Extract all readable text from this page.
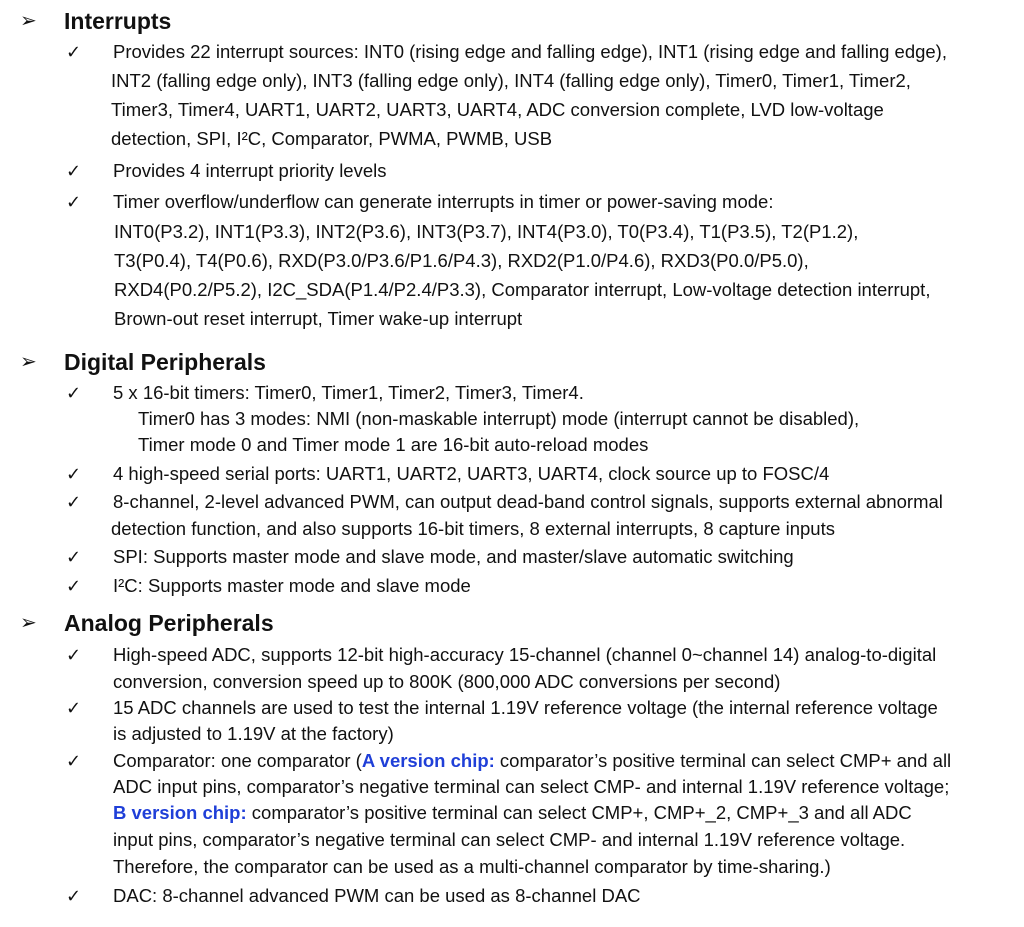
➢	Interrupts
✓ Provides 22 interrupt sources: INT0 (rising edge and falling edge), INT1 (rising edge and falling edge),
INT2 (falling edge only), INT3 (falling edge only), INT4 (falling edge only), Timer0, Timer1, Timer2,
Timer3, Timer4, UART1, UART2, UART3, UART4, ADC conversion complete, LVD low-voltage
detection, SPI, I²C, Comparator, PWMA, PWMB, USB
✓ Provides 4 interrupt priority levels
✓ Timer overflow/underflow can generate interrupts in timer or power-saving mode:
INT0(P3.2), INT1(P3.3), INT2(P3.6), INT3(P3.7), INT4(P3.0), T0(P3.4), T1(P3.5), T2(P1.2),
T3(P0.4), T4(P0.6), RXD(P3.0/P3.6/P1.6/P4.3), RXD2(P1.0/P4.6), RXD3(P0.0/P5.0),
RXD4(P0.2/P5.2), I2C_SDA(P1.4/P2.4/P3.3), Comparator interrupt, Low-voltage detection interrupt,
Brown-out reset interrupt, Timer wake-up interrupt
➢	Digital Peripherals
✓ 5 x 16-bit timers: Timer0, Timer1, Timer2, Timer3, Timer4.
Timer0 has 3 modes: NMI (non-maskable interrupt) mode (interrupt cannot be disabled),
Timer mode 0 and Timer mode 1 are 16-bit auto-reload modes
✓ 4 high-speed serial ports: UART1, UART2, UART3, UART4, clock source up to FOSC/4
✓ 8-channel, 2-level advanced PWM, can output dead-band control signals, supports external abnormal
detection function, and also supports 16-bit timers, 8 external interrupts, 8 capture inputs
✓ SPI: Supports master mode and slave mode, and master/slave automatic switching
✓ I²C: Supports master mode and slave mode
➢	Analog Peripherals
✓ High-speed ADC, supports 12-bit high-accuracy 15-channel (channel 0~channel 14) analog-to-digital
conversion, conversion speed up to 800K (800,000 ADC conversions per second)
✓ 15 ADC channels are used to test the internal 1.19V reference voltage (the internal reference voltage
is adjusted to 1.19V at the factory)
✓ Comparator: one comparator (A version chip: comparator’s positive terminal can select CMP+ and all
ADC input pins, comparator’s negative terminal can select CMP- and internal 1.19V reference voltage;
B version chip: comparator’s positive terminal can select CMP+, CMP+_2, CMP+_3 and all ADC
input pins, comparator’s negative terminal can select CMP- and internal 1.19V reference voltage.
Therefore, the comparator can be used as a multi-channel comparator by time-sharing.)
✓ DAC: 8-channel advanced PWM can be used as 8-channel DAC
